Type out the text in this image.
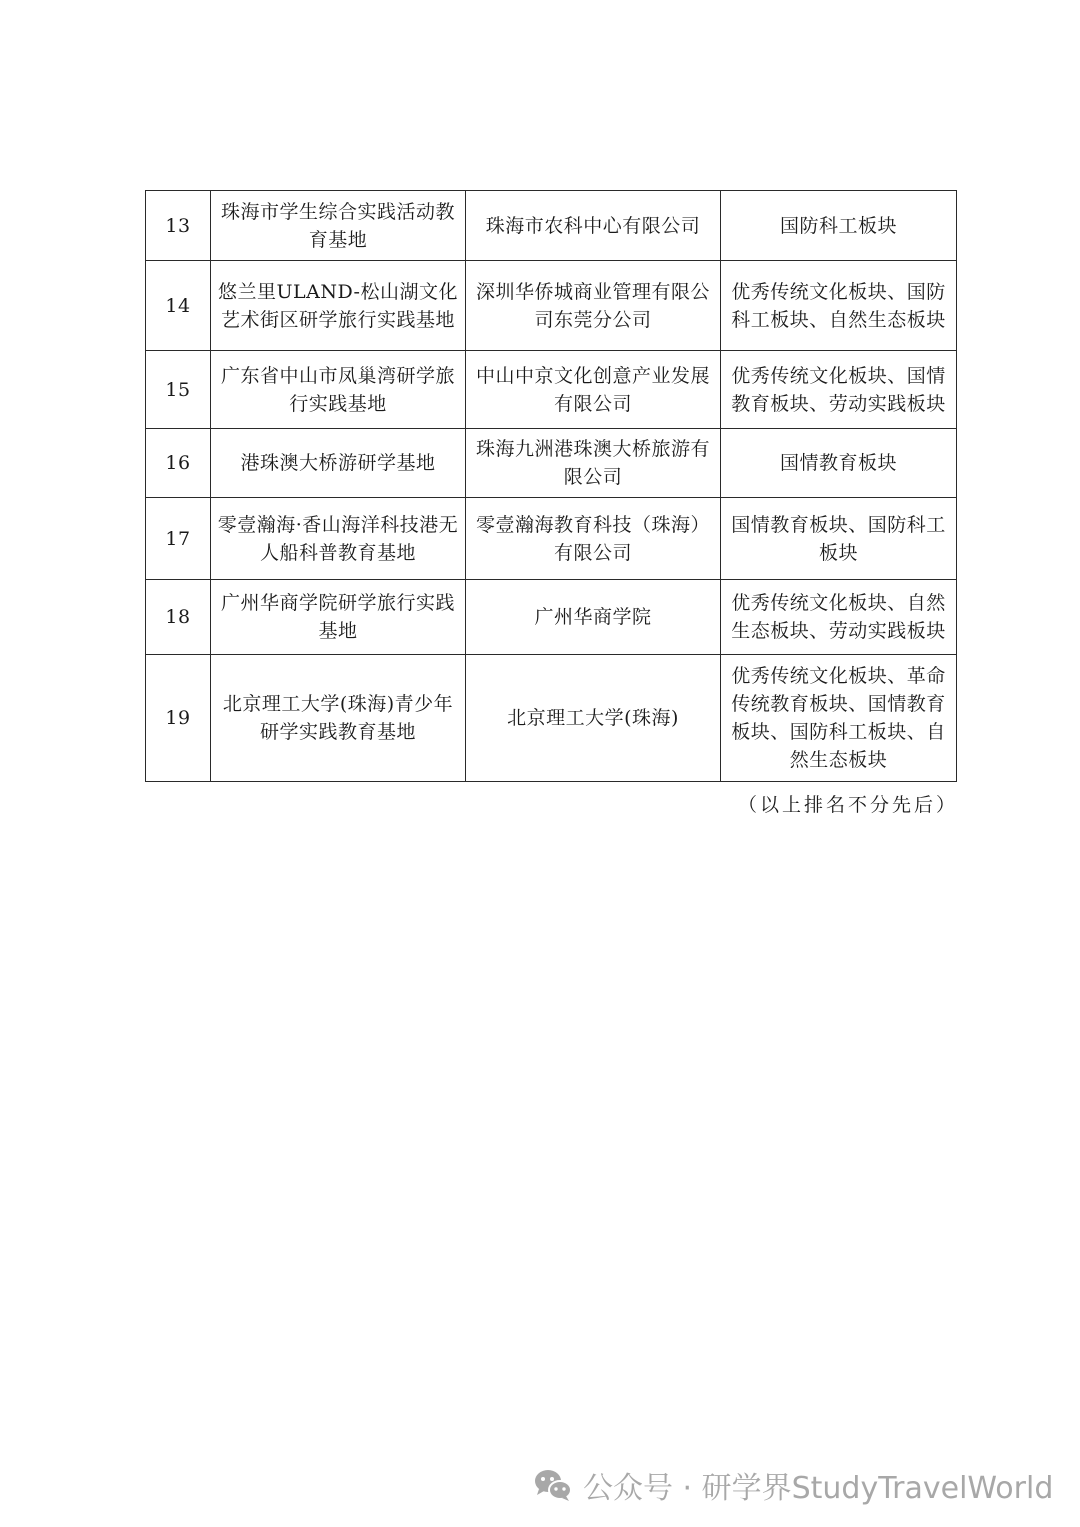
13	珠海市学生综合实践活动教育基地	珠海市农科中心有限公司	国防科工板块
14	悠兰里ULAND-松山湖文化艺术街区研学旅行实践基地	深圳华侨城商业管理有限公司东莞分公司	优秀传统文化板块、国防科工板块、自然生态板块
15	广东省中山市凤巢湾研学旅行实践基地	中山中京文化创意产业发展有限公司	优秀传统文化板块、国情教育板块、劳动实践板块
16	港珠澳大桥游研学基地	珠海九洲港珠澳大桥旅游有限公司	国情教育板块
17	零壹瀚海·香山海洋科技港无人船科普教育基地	零壹瀚海教育科技（珠海）有限公司	国情教育板块、国防科工板块
18	广州华商学院研学旅行实践基地	广州华商学院	优秀传统文化板块、自然生态板块、劳动实践板块
19	北京理工大学(珠海)青少年研学实践教育基地	北京理工大学(珠海)	优秀传统文化板块、革命传统教育板块、国情教育板块、国防科工板块、自然生态板块
（以上排名不分先后）
公众号 · 研学界StudyTravelWorld
